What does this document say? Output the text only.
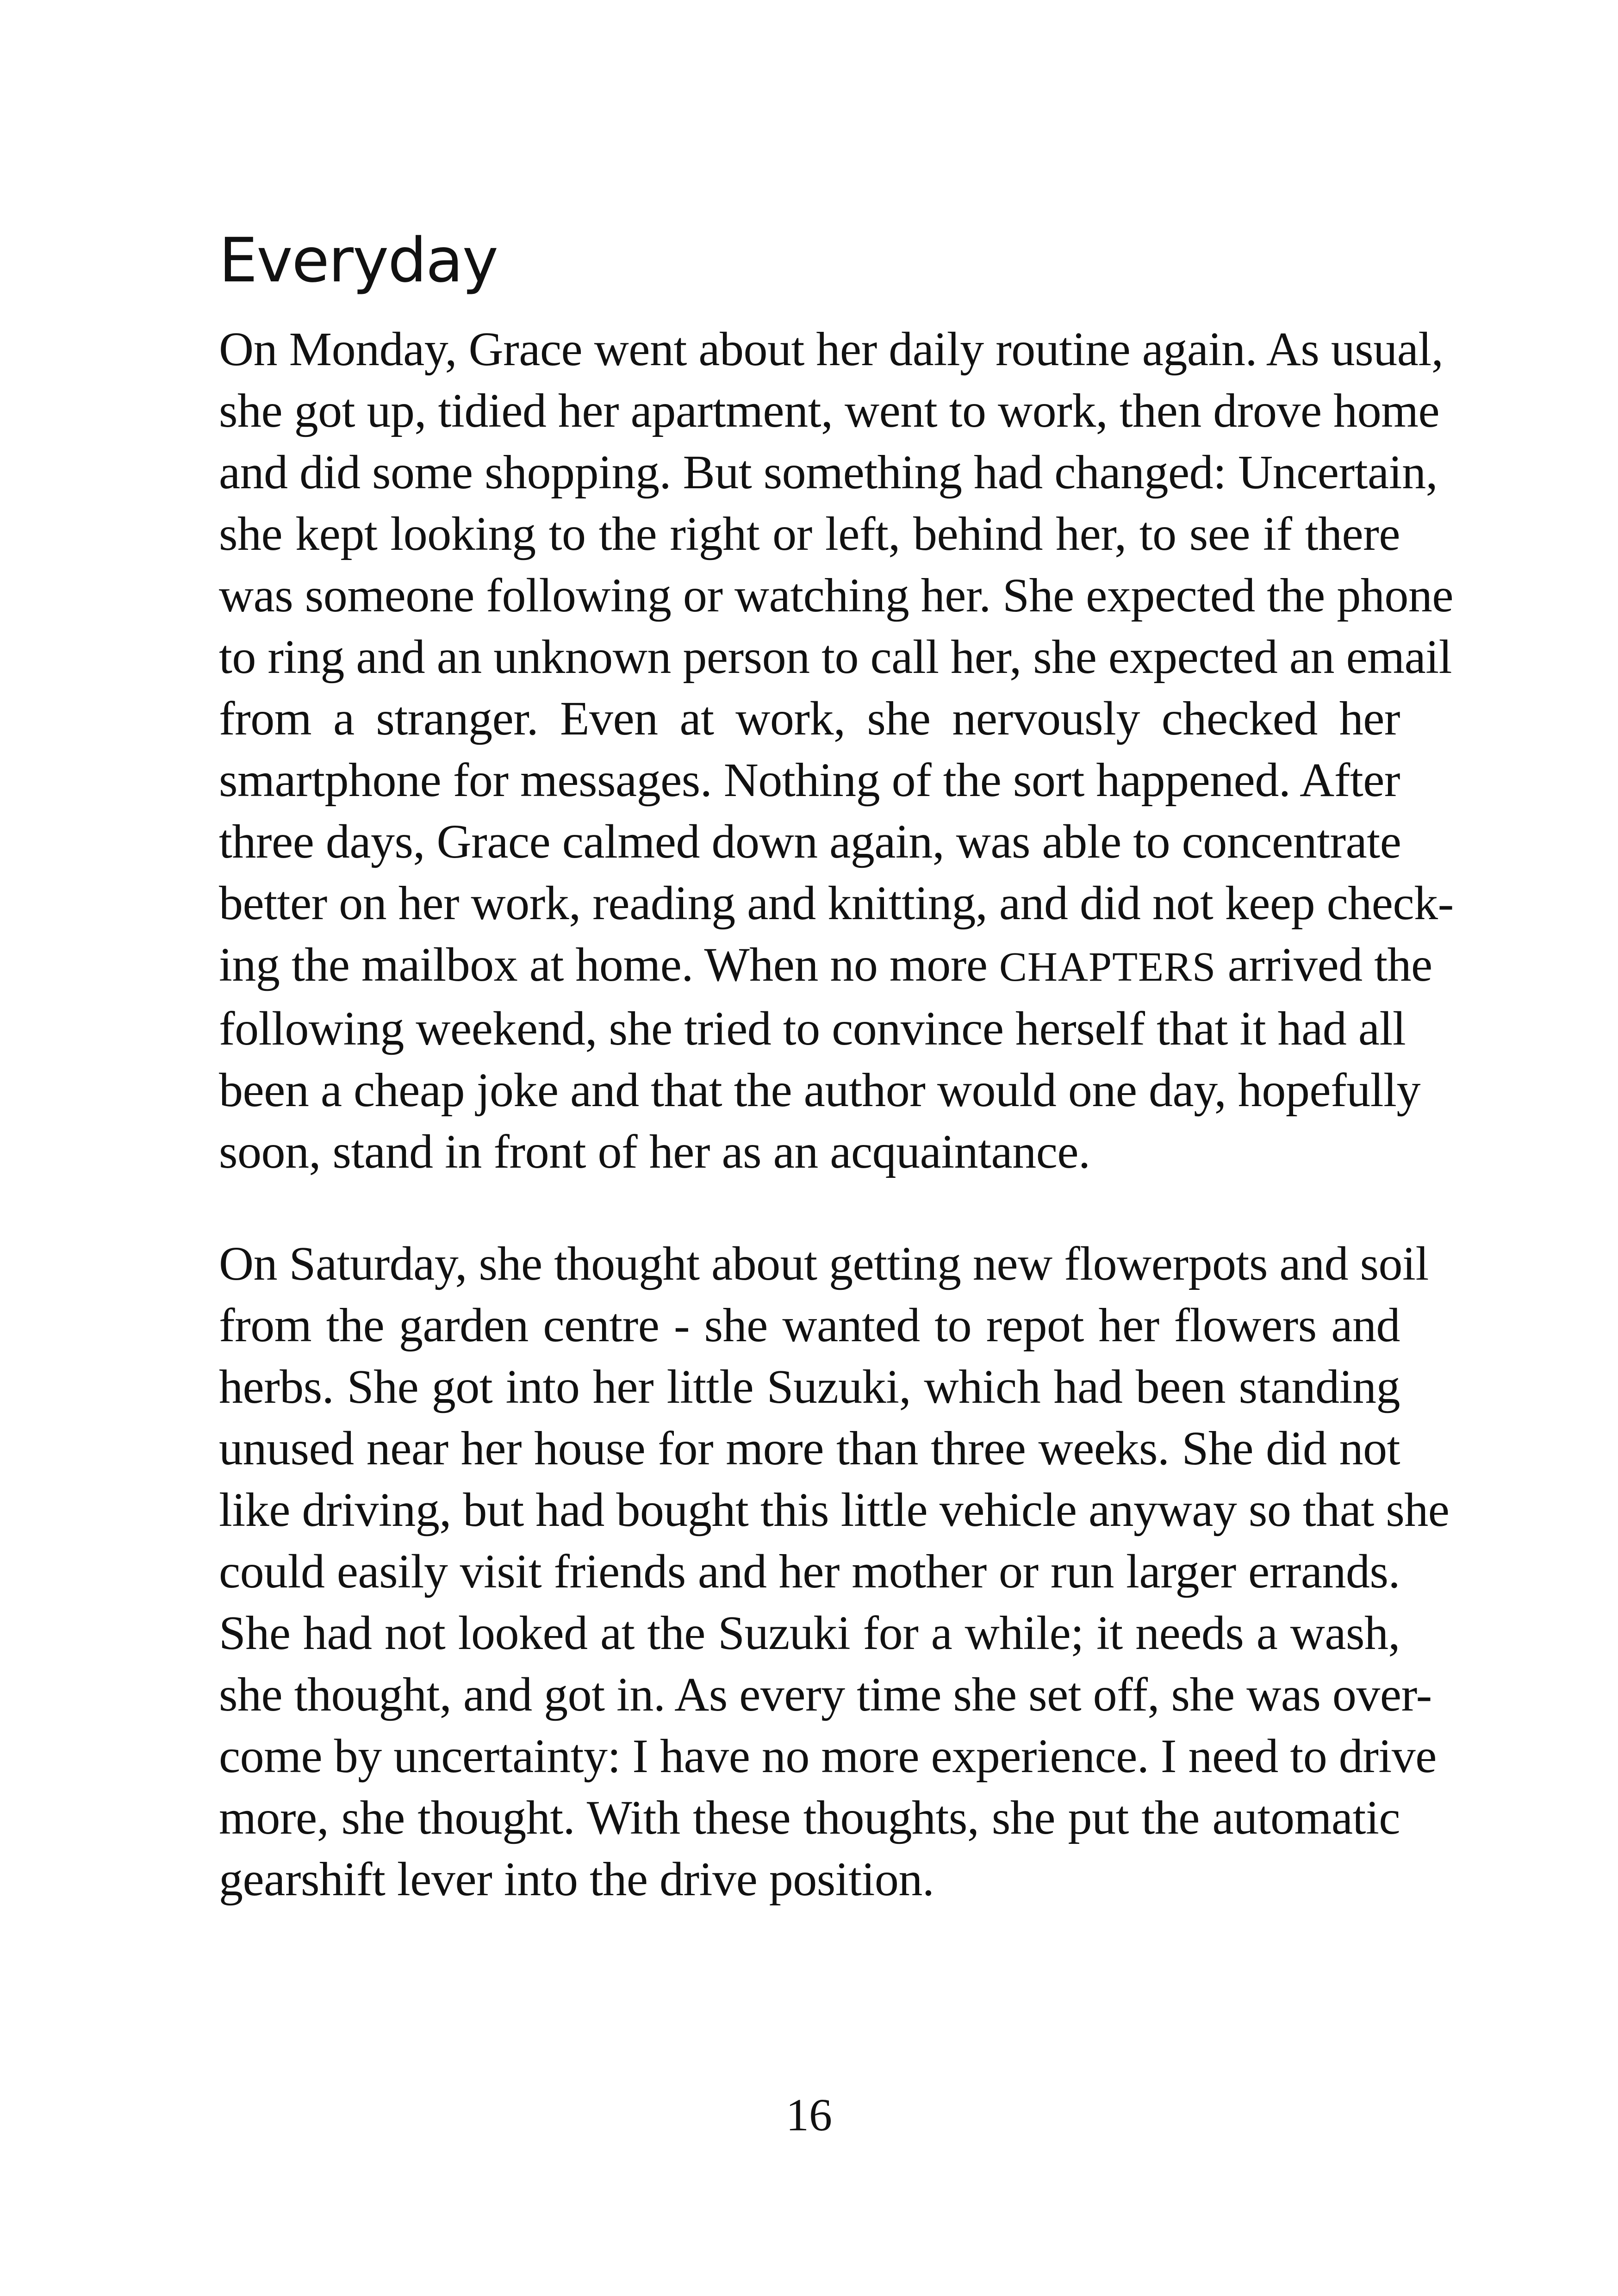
Everyday
On Monday, Grace went about her daily routine again. As usual,
she got up, tidied her apartment, went to work, then drove home
and did some shopping. But something had changed: Uncertain,
she kept looking to the right or left, behind her, to see if there
was someone following or watching her. She expected the phone
to ring and an unknown person to call her, she expected an email
from a stranger. Even at work, she nervously checked her
smartphone for messages. Nothing of the sort happened. After
three days, Grace calmed down again, was able to concentrate
better on her work, reading and knitting, and did not keep check-
ing the mailbox at home. When no more CHAPTERS arrived the
following weekend, she tried to convince herself that it had all
been a cheap joke and that the author would one day, hopefully
soon, stand in front of her as an acquaintance.
On Saturday, she thought about getting new flowerpots and soil
from the garden centre - she wanted to repot her flowers and
herbs. She got into her little Suzuki, which had been standing
unused near her house for more than three weeks. She did not
like driving, but had bought this little vehicle anyway so that she
could easily visit friends and her mother or run larger errands.
She had not looked at the Suzuki for a while; it needs a wash,
she thought, and got in. As every time she set off, she was over-
come by uncertainty: I have no more experience. I need to drive
more, she thought. With these thoughts, she put the automatic
gearshift lever into the drive position.
16
